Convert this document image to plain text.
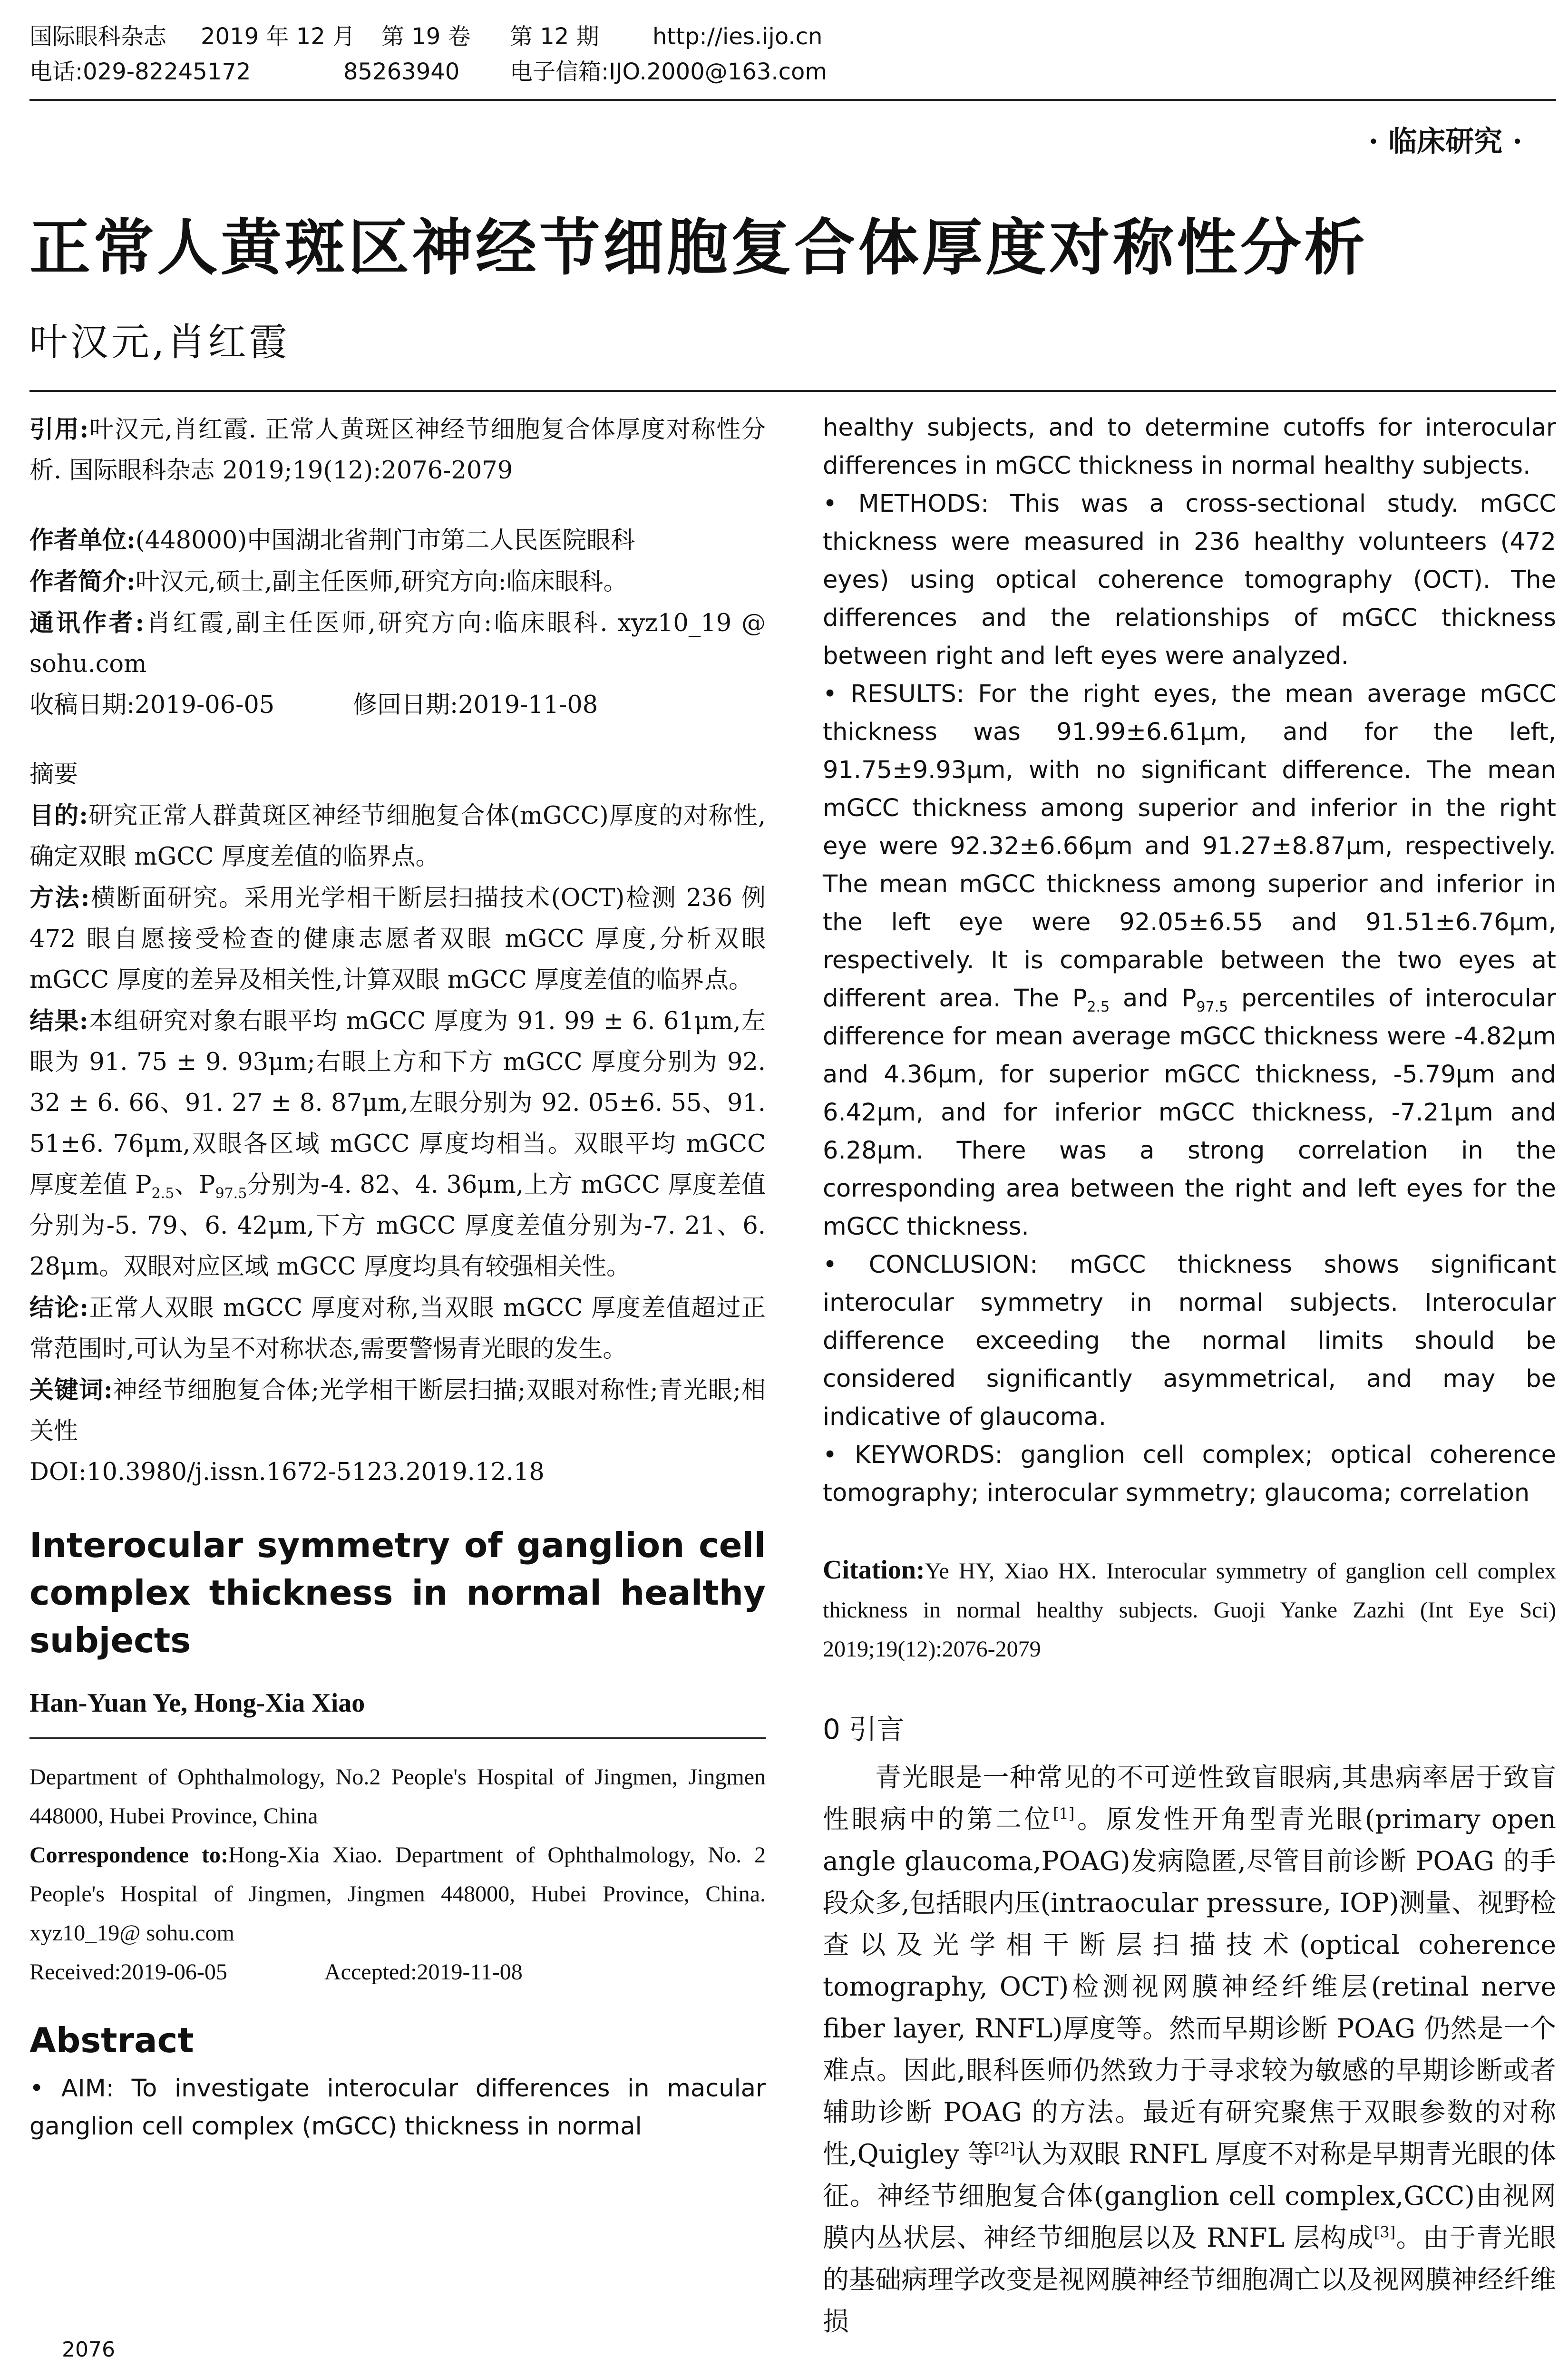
国际眼科杂志	2019 年 12 月	第 19 卷	第 12 期	http://ies.ijo.cn
电话:029-82245172	85263940	电子信箱:IJO.2000@163.com
· 临床研究 ·
正常人黄斑区神经节细胞复合体厚度对称性分析
叶汉元,肖红霞

引用:叶汉元,肖红霞. 正常人黄斑区神经节细胞复合体厚度对称性分析. 国际眼科杂志 2019;19(12):2076-2079

作者单位:(448000)中国湖北省荆门市第二人民医院眼科

作者简介:叶汉元,硕士,副主任医师,研究方向:临床眼科。

通讯作者:肖红霞,副主任医师,研究方向:临床眼科. xyz10_19 @ sohu.com

收稿日期:2019-06-05	修回日期:2019-11-08

摘要

目的:研究正常人群黄斑区神经节细胞复合体(mGCC)厚度的对称性,确定双眼 mGCC 厚度差值的临界点。

方法:横断面研究。采用光学相干断层扫描技术(OCT)检测 236 例 472 眼自愿接受检查的健康志愿者双眼 mGCC 厚度,分析双眼 mGCC 厚度的差异及相关性,计算双眼 mGCC 厚度差值的临界点。

结果:本组研究对象右眼平均 mGCC 厚度为 91. 99 ± 6. 61μm,左眼为 91. 75 ± 9. 93μm;右眼上方和下方 mGCC 厚度分别为 92. 32 ± 6. 66、91. 27 ± 8. 87μm,左眼分别为 92. 05±6. 55、91. 51±6. 76μm,双眼各区域 mGCC 厚度均相当。双眼平均 mGCC 厚度差值 $P_{2.5}$、$P_{97.5}$分别为-4. 82、4. 36μm,上方 mGCC 厚度差值分别为-5. 79、6. 42μm,下方 mGCC 厚度差值分别为-7. 21、6. 28μm。双眼对应区域 mGCC 厚度均具有较强相关性。

结论:正常人双眼 mGCC 厚度对称,当双眼 mGCC 厚度差值超过正常范围时,可认为呈不对称状态,需要警惕青光眼的发生。

关键词:神经节细胞复合体;光学相干断层扫描;双眼对称性;青光眼;相关性

DOI:10.3980/j.issn.1672-5123.2019.12.18

Interocular symmetry of ganglion cell complex thickness in normal healthy subjects

Han-Yuan Ye, Hong-Xia Xiao

Department of Ophthalmology, No.2 People's Hospital of Jingmen, Jingmen 448000, Hubei Province, China

Correspondence to:Hong-Xia Xiao. Department of Ophthalmology, No. 2 People's Hospital of Jingmen, Jingmen 448000, Hubei Province, China. xyz10_19@ sohu.com

Received:2019-06-05	Accepted:2019-11-08

Abstract

• AIM: To investigate interocular differences in macular ganglion cell complex (mGCC) thickness in normal

healthy subjects, and to determine cutoffs for interocular differences in mGCC thickness in normal healthy subjects.

• METHODS: This was a cross-sectional study. mGCC thickness were measured in 236 healthy volunteers (472 eyes) using optical coherence tomography (OCT). The differences and the relationships of mGCC thickness between right and left eyes were analyzed.

• RESULTS: For the right eyes, the mean average mGCC thickness was 91.99±6.61μm, and for the left, 91.75±9.93μm, with no significant difference. The mean mGCC thickness among superior and inferior in the right eye were 92.32±6.66μm and 91.27±8.87μm, respectively. The mean mGCC thickness among superior and inferior in the left eye were 92.05±6.55 and 91.51±6.76μm, respectively. It is comparable between the two eyes at different area. The $P_{2.5}$ and $P_{97.5}$ percentiles of interocular difference for mean average mGCC thickness were -4.82μm and 4.36μm, for superior mGCC thickness, -5.79μm and 6.42μm, and for inferior mGCC thickness, -7.21μm and 6.28μm. There was a strong correlation in the corresponding area between the right and left eyes for the mGCC thickness.

• CONCLUSION: mGCC thickness shows significant interocular symmetry in normal subjects. Interocular difference exceeding the normal limits should be considered significantly asymmetrical, and may be indicative of glaucoma.

• KEYWORDS: ganglion cell complex; optical coherence tomography; interocular symmetry; glaucoma; correlation

Citation:Ye HY, Xiao HX. Interocular symmetry of ganglion cell complex thickness in normal healthy subjects. Guoji Yanke Zazhi (Int Eye Sci) 2019;19(12):2076-2079

0 引言

青光眼是一种常见的不可逆性致盲眼病,其患病率居于致盲性眼病中的第二位[1]。原发性开角型青光眼(primary open angle glaucoma,POAG)发病隐匿,尽管目前诊断 POAG 的手段众多,包括眼内压(intraocular pressure, IOP)测量、视野检查以及光学相干断层扫描技术(optical coherence tomography, OCT)检测视网膜神经纤维层(retinal nerve fiber layer, RNFL)厚度等。然而早期诊断 POAG 仍然是一个难点。因此,眼科医师仍然致力于寻求较为敏感的早期诊断或者辅助诊断 POAG 的方法。最近有研究聚焦于双眼参数的对称性,Quigley 等[2]认为双眼 RNFL 厚度不对称是早期青光眼的体征。神经节细胞复合体(ganglion cell complex,GCC)由视网膜内丛状层、神经节细胞层以及 RNFL 层构成[3]。由于青光眼的基础病理学改变是视网膜神经节细胞凋亡以及视网膜神经纤维损

2076
